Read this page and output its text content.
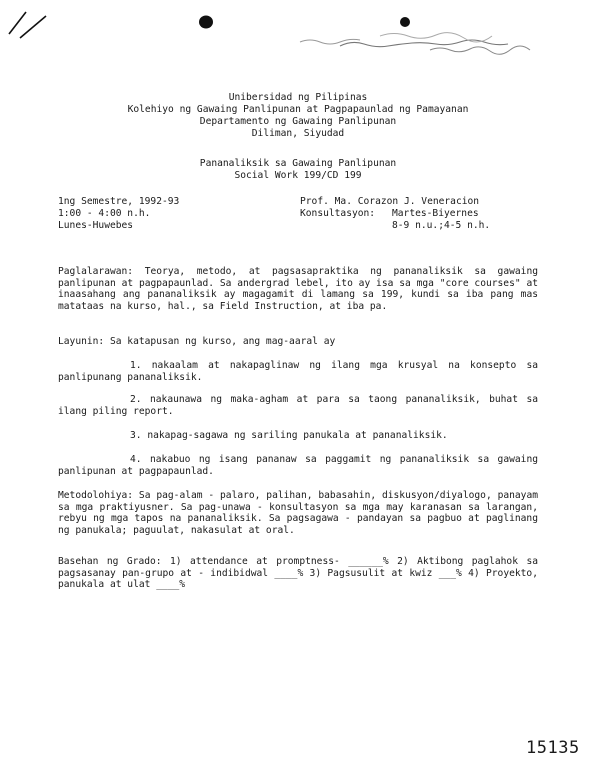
Unibersidad ng Pilipinas
Kolehiyo ng Gawaing Panlipunan at Pagpapaunlad ng Pamayanan
Departamento ng Gawaing Panlipunan
Diliman, Siyudad
Pananaliksik sa Gawaing Panlipunan
Social Work 199/CD 199
1ng Semestre, 1992-93
1:00 - 4:00 n.h.
Lunes-Huwebes
Prof. Ma. Corazon J. Veneracion
Konsultasyon: Martes-Biyernes
8-9 n.u.;4-5 n.h.
Paglalarawan: Teorya, metodo, at pagsasapraktika ng pananaliksik sa gawaing panlipunan at pagpapaunlad. Sa andergrad lebel, ito ay isa sa mga "core courses" at inaasahang ang pananaliksik ay magagamit di lamang sa 199, kundi sa iba pang mas matataas na kurso, hal., sa Field Instruction, at iba pa.
Layunin: Sa katapusan ng kurso, ang mag-aaral ay
1. nakaalam at nakapaglinaw ng ilang mga krusyal na konsepto sa panlipunang pananaliksik.
2. nakaunawa ng maka-agham at para sa taong pananaliksik, buhat sa ilang piling report.
3. nakapag-sagawa ng sariling panukala at pananaliksik.
4. nakabuo ng isang pananaw sa paggamit ng pananaliksik sa gawaing panlipunan at pagpapaunlad.
Metodolohiya: Sa pag-alam - palaro, palihan, babasahin, diskusyon/diyalogo, panayam sa mga praktiyusner. Sa pag-unawa - konsultasyon sa mga may karanasan sa larangan, rebyu ng mga tapos na pananaliksik. Sa pagsagawa - pandayan sa pagbuo at paglinang ng panukala; paguulat, nakasulat at oral.
Basehan ng Grado: 1) attendance at promptness- ______% 2) Aktibong paglahok sa pagsasanay pan-grupo at - indibidwal ____% 3) Pagsusulit at kwiz ___% 4) Proyekto, panukala at ulat ____%
15135
